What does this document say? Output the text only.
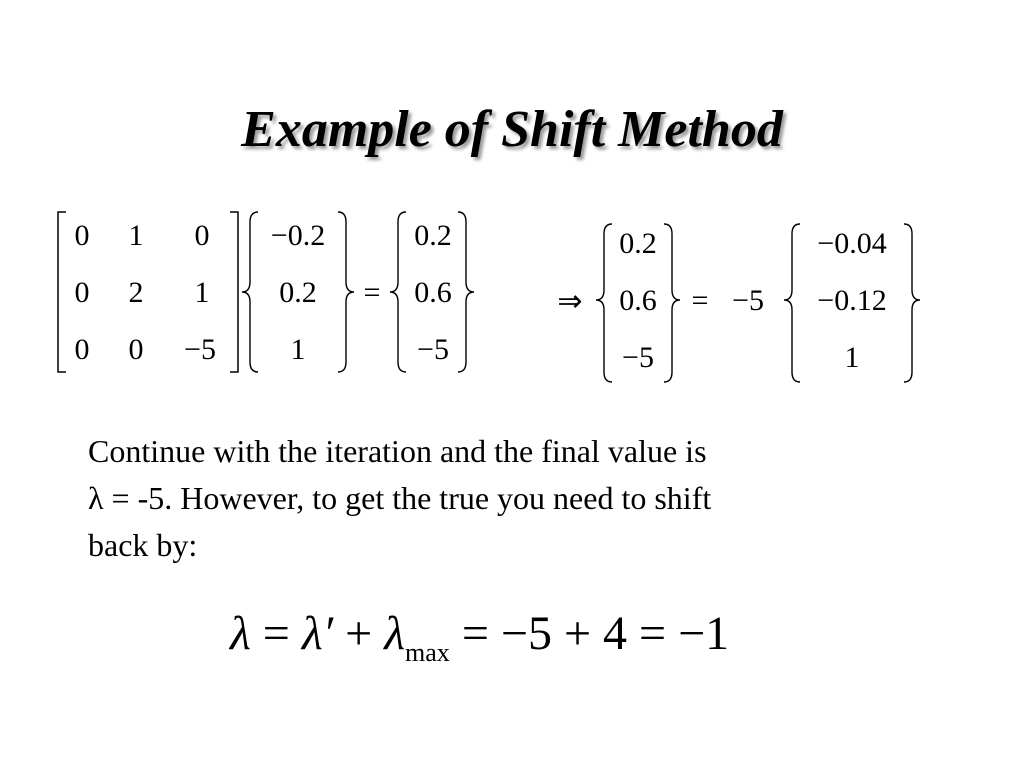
Example of Shift Method
0 1 0
0 2 1
0 0 −5
−0.2
0.2
1
=
0.2
0.6
−5
⇒
0.2
0.6
−5
= −5
−0.04
−0.12
1
Continue with the iteration and the final value is
λ = -5. However, to get the true you need to shift
back by:
$\lambda = \lambda' + \lambda_{max} = -5 + 4 = -1$
